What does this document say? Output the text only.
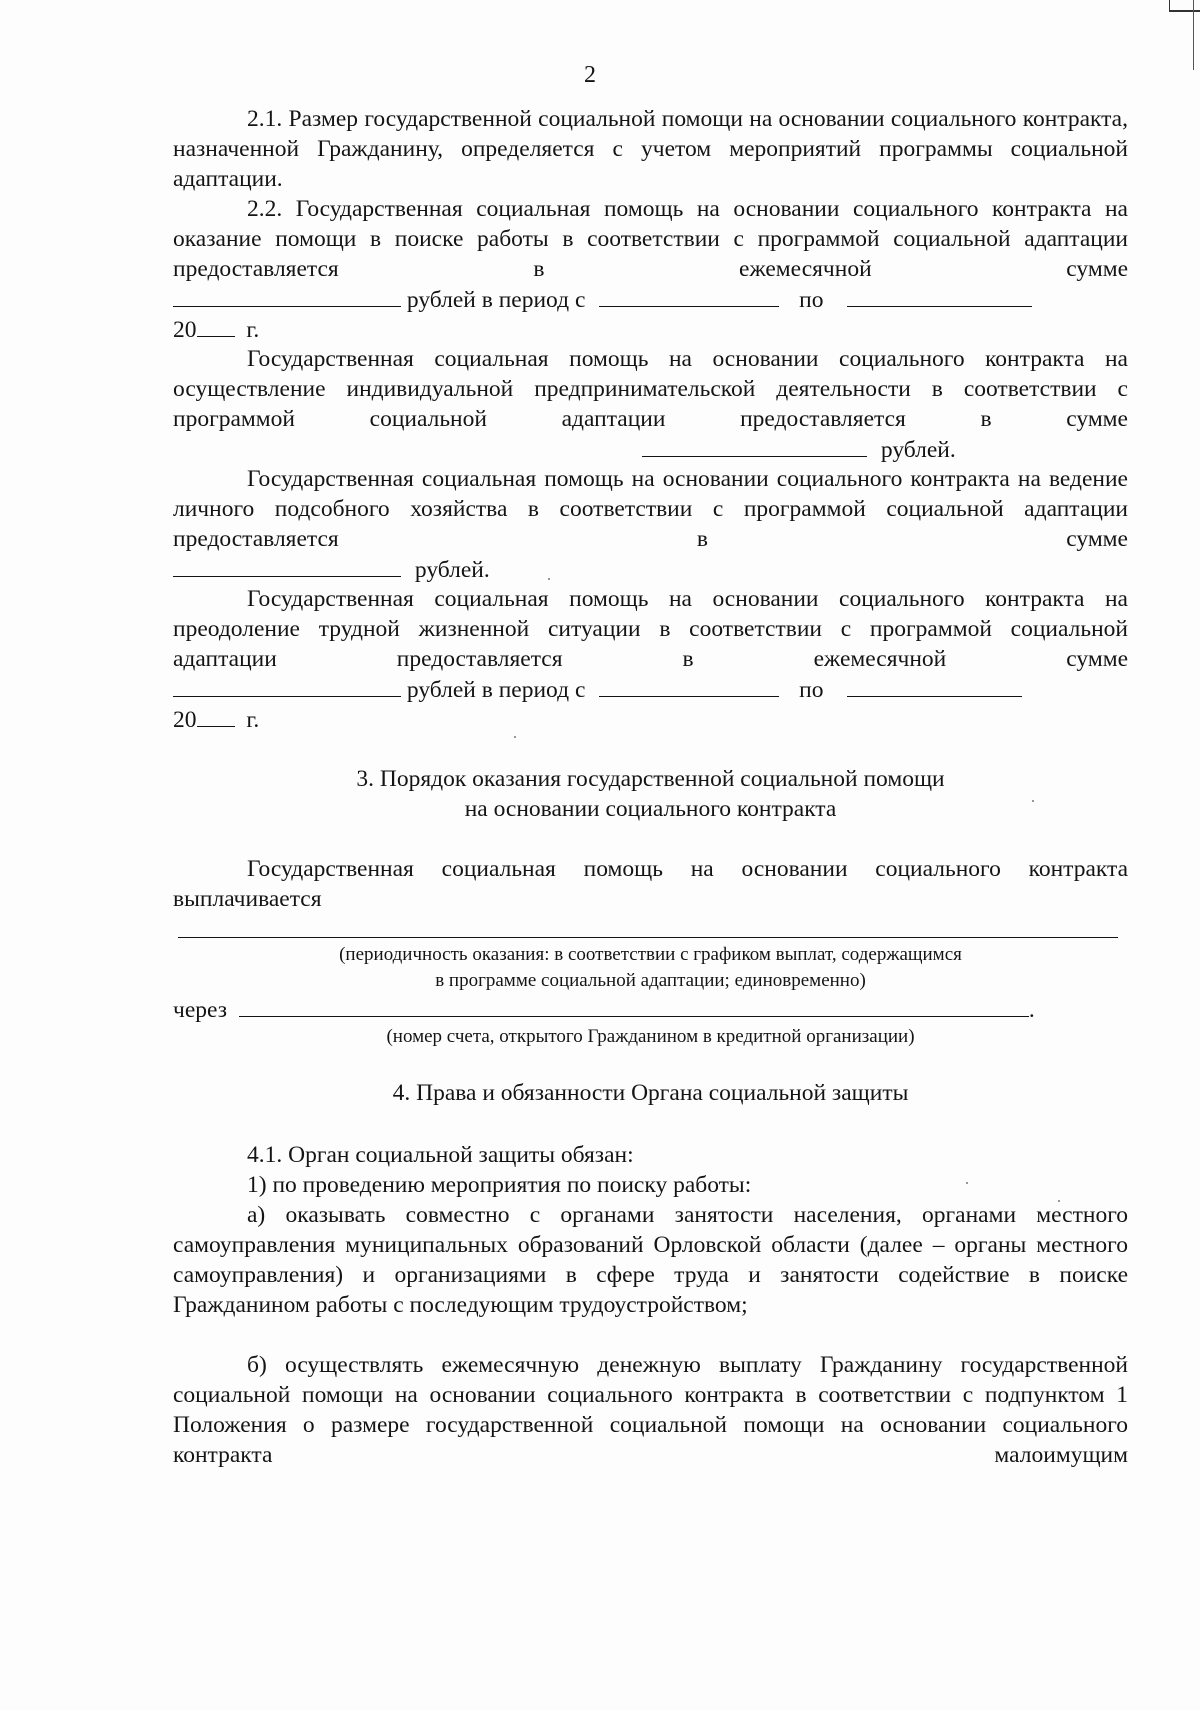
2

2.1. Размер государственной социальной помощи на основании социального контракта, назначенной Гражданину, определяется с учетом мероприятий программы социальной адаптации.

2.2. Государственная социальная помощь на основании социального контракта на оказание помощи в поиске работы в соответствии с программой социальной адаптации предоставляется в ежемесячной сумме

рублей в период с	по
20 г.

Государственная социальная помощь на основании социального контракта на осуществление индивидуальной предпринимательской деятельности в соответствии с программой социальной адаптации предоставляется в сумме

рублей.

Государственная социальная помощь на основании социального контракта на ведение личного подсобного хозяйства в соответствии с программой социальной адаптации предоставляется в сумме

рублей.

Государственная социальная помощь на основании социального контракта на преодоление трудной жизненной ситуации в соответствии с программой социальной адаптации предоставляется в ежемесячной сумме

рублей в период с	по
20 г.
3. Порядок оказания государственной социальной помощи
на основании социального контракта

Государственная социальная помощь на основании социального контракта выплачивается

(периодичность оказания: в соответствии с графиком выплат, содержащимся
в программе социальной адаптации; единовременно)
через	.
(номер счета, открытого Гражданином в кредитной организации)
4. Права и обязанности Органа социальной защиты

4.1. Орган социальной защиты обязан:

1) по проведению мероприятия по поиску работы:

а) оказывать совместно с органами занятости населения, органами местного самоуправления муниципальных образований Орловской области (далее – органы местного самоуправления) и организациями в сфере труда и занятости содействие в поиске Гражданином работы с последующим трудоустройством;

б) осуществлять ежемесячную денежную выплату Гражданину государственной социальной помощи на основании социального контракта в соответствии с подпунктом 1 Положения о размере государственной социальной помощи на основании социального контракта малоимущим
